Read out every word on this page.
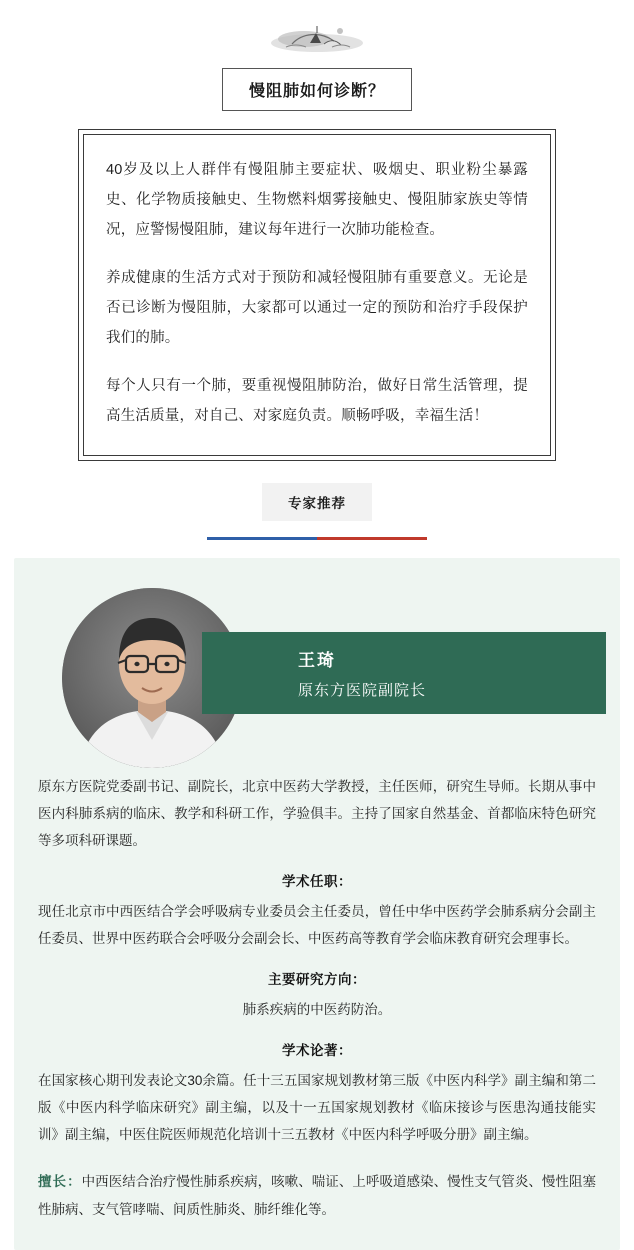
慢阻肺如何诊断？

40岁及以上人群伴有慢阻肺主要症状、吸烟史、职业粉尘暴露史、化学物质接触史、生物燃料烟雾接触史、慢阻肺家族史等情况，应警惕慢阻肺，建议每年进行一次肺功能检查。

养成健康的生活方式对于预防和减轻慢阻肺有重要意义。无论是否已诊断为慢阻肺，大家都可以通过一定的预防和治疗手段保护我们的肺。

每个人只有一个肺，要重视慢阻肺防治，做好日常生活管理，提高生活质量，对自己、对家庭负责。顺畅呼吸，幸福生活！

专家推荐
王琦
原东方医院副院长

原东方医院党委副书记、副院长，北京中医药大学教授，主任医师，研究生导师。长期从事中医内科肺系病的临床、教学和科研工作，学验俱丰。主持了国家自然基金、首都临床特色研究等多项科研课题。

学术任职：

现任北京市中西医结合学会呼吸病专业委员会主任委员，曾任中华中医药学会肺系病分会副主任委员、世界中医药联合会呼吸分会副会长、中医药高等教育学会临床教育研究会理事长。

主要研究方向：

肺系疾病的中医药防治。

学术论著：

在国家核心期刊发表论文30余篇。任十三五国家规划教材第三版《中医内科学》副主编和第二版《中医内科学临床研究》副主编，以及十一五国家规划教材《临床接诊与医患沟通技能实训》副主编，中医住院医师规范化培训十三五教材《中医内科学呼吸分册》副主编。

擅长：中西医结合治疗慢性肺系疾病，咳嗽、喘证、上呼吸道感染、慢性支气管炎、慢性阻塞性肺病、支气管哮喘、间质性肺炎、肺纤维化等。
